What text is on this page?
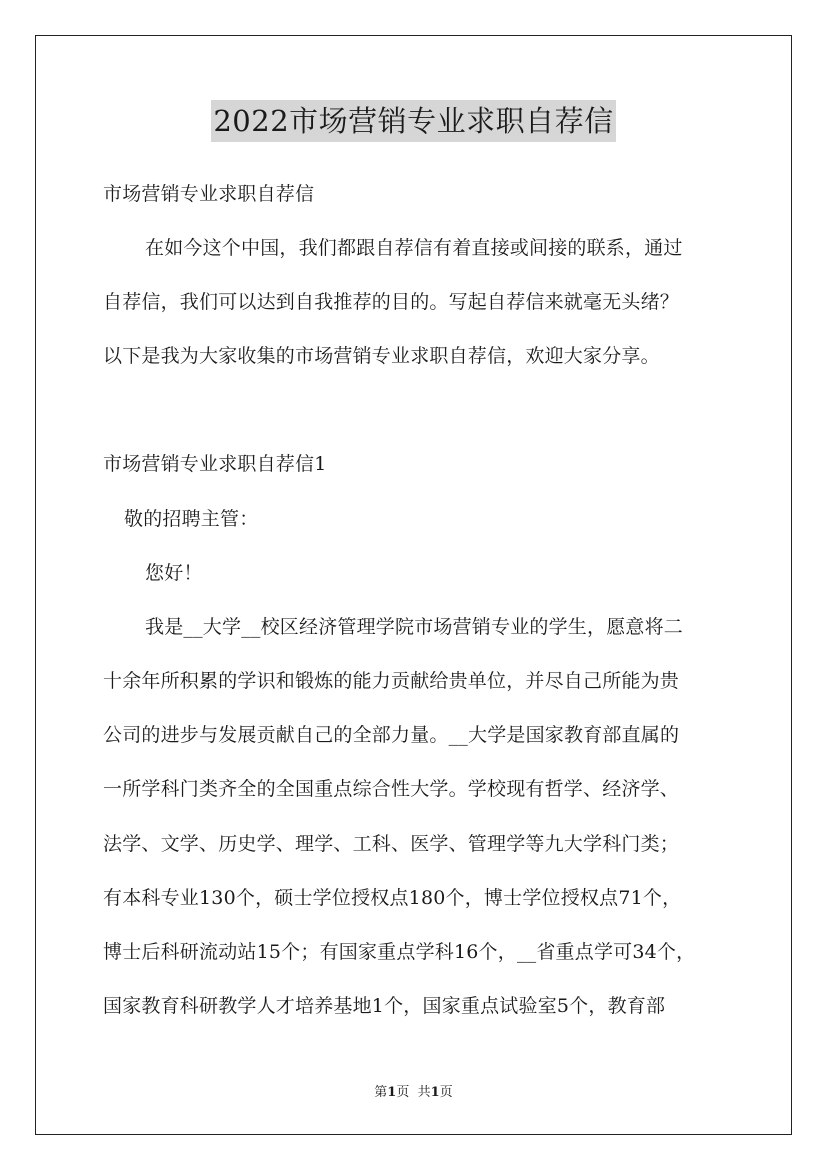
2022市场营销专业求职自荐信
市场营销专业求职自荐信
在如今这个中国，我们都跟自荐信有着直接或间接的联系，通过
自荐信，我们可以达到自我推荐的目的。写起自荐信来就毫无头绪？
以下是我为大家收集的市场营销专业求职自荐信，欢迎大家分享。
市场营销专业求职自荐信1
敬的招聘主管：
您好！
我是__大学__校区经济管理学院市场营销专业的学生，愿意将二
十余年所积累的学识和锻炼的能力贡献给贵单位，并尽自己所能为贵
公司的进步与发展贡献自己的全部力量。__大学是国家教育部直属的
一所学科门类齐全的全国重点综合性大学。学校现有哲学、经济学、
法学、文学、历史学、理学、工科、医学、管理学等九大学科门类；
有本科专业130个，硕士学位授权点180个，博士学位授权点71个，
博士后科研流动站15个；有国家重点学科16个，__省重点学可34个，
国家教育科研教学人才培养基地1个，国家重点试验室5个，教育部
第1页 共1页
